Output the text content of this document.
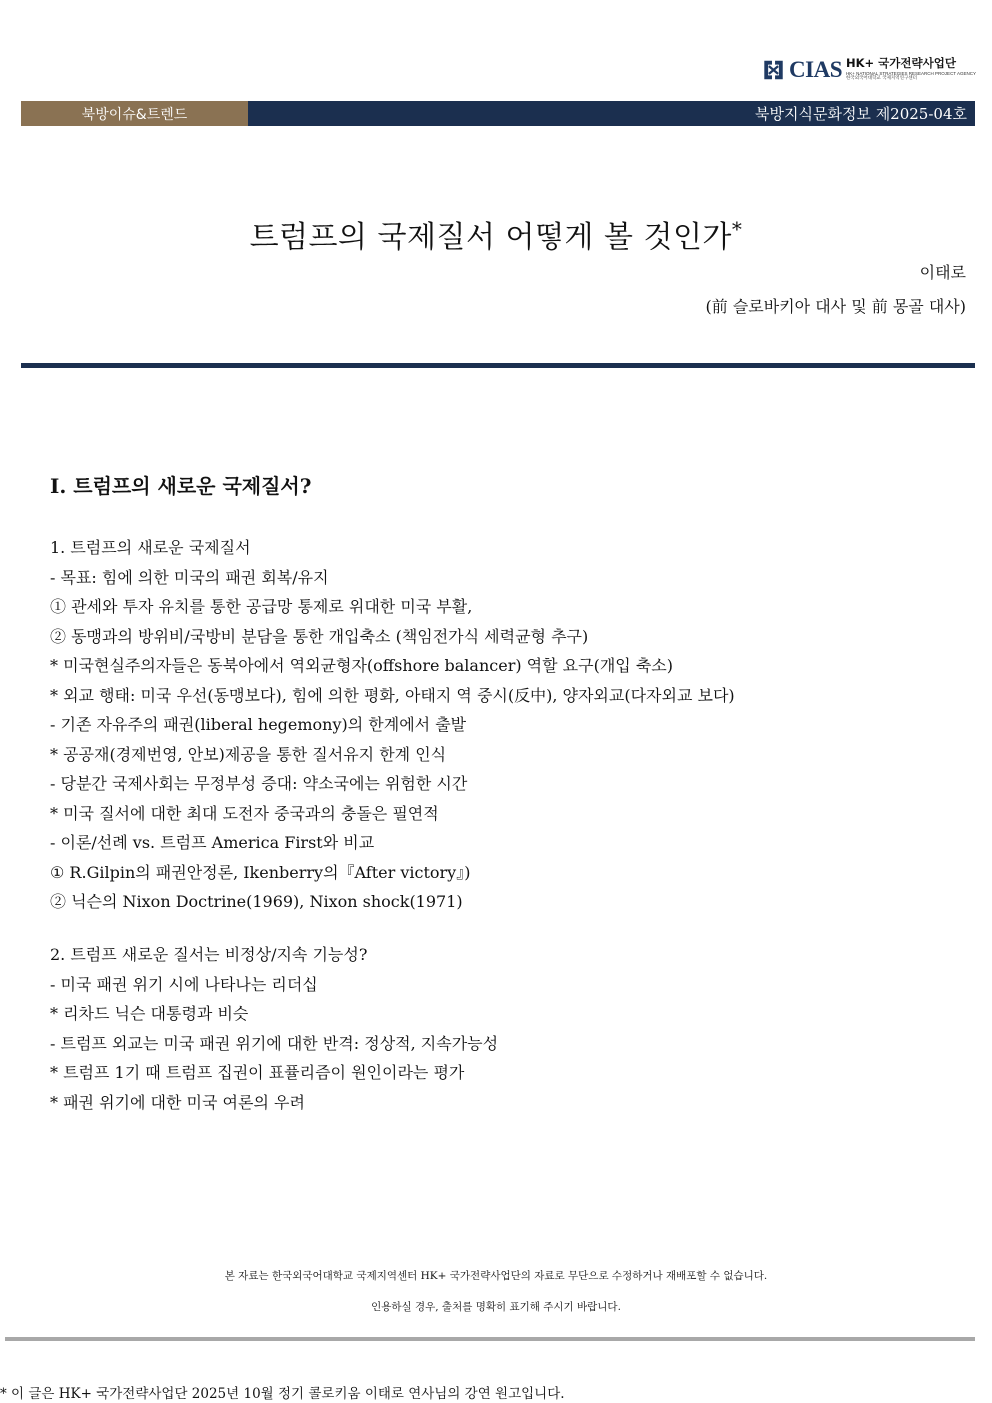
CIAS HK+ 국가전략사업단
HK+ NATIONAL STRATEGIES RESEARCH PROJECT AGENCY
한국외국어대학교 국제지역연구센터
북방이슈&트렌드	북방지식문화정보 제2025-04호
트럼프의 국제질서 어떻게 볼 것인가*
이태로
(前 슬로바키아 대사 및 前 몽골 대사)
I. 트럼프의 새로운 국제질서?
1. 트럼프의 새로운 국제질서
- 목표: 힘에 의한 미국의 패권 회복/유지
① 관세와 투자 유치를 통한 공급망 통제로 위대한 미국 부활,
② 동맹과의 방위비/국방비 분담을 통한 개입축소 (책임전가식 세력균형 추구)
* 미국현실주의자들은 동북아에서 역외균형자(offshore balancer) 역할 요구(개입 축소)
* 외교 행태: 미국 우선(동맹보다), 힘에 의한 평화, 아태지 역 중시(反中), 양자외교(다자외교 보다)
- 기존 자유주의 패권(liberal hegemony)의 한계에서 출발
* 공공재(경제번영, 안보)제공을 통한 질서유지 한계 인식
- 당분간 국제사회는 무정부성 증대: 약소국에는 위험한 시간
* 미국 질서에 대한 최대 도전자 중국과의 충돌은 필연적
- 이론/선례 vs. 트럼프 America First와 비교
① R.Gilpin의 패권안정론, Ikenberry의『After victory』)
② 닉슨의 Nixon Doctrine(1969), Nixon shock(1971)
2. 트럼프 새로운 질서는 비정상/지속 기능성?
- 미국 패권 위기 시에 나타나는 리더십
* 리차드 닉슨 대통령과 비슷
- 트럼프 외교는 미국 패권 위기에 대한 반격: 정상적, 지속가능성
* 트럼프 1기 때 트럼프 집권이 표퓰리즘이 원인이라는 평가
* 패권 위기에 대한 미국 여론의 우려
본 자료는 한국외국어대학교 국제지역센터 HK+ 국가전략사업단의 자료로 무단으로 수정하거나 재배포할 수 없습니다.
인용하실 경우, 출처를 명확히 표기해 주시기 바랍니다.
* 이 글은 HK+ 국가전략사업단 2025년 10월 정기 콜로키움 이태로 연사님의 강연 원고입니다.
